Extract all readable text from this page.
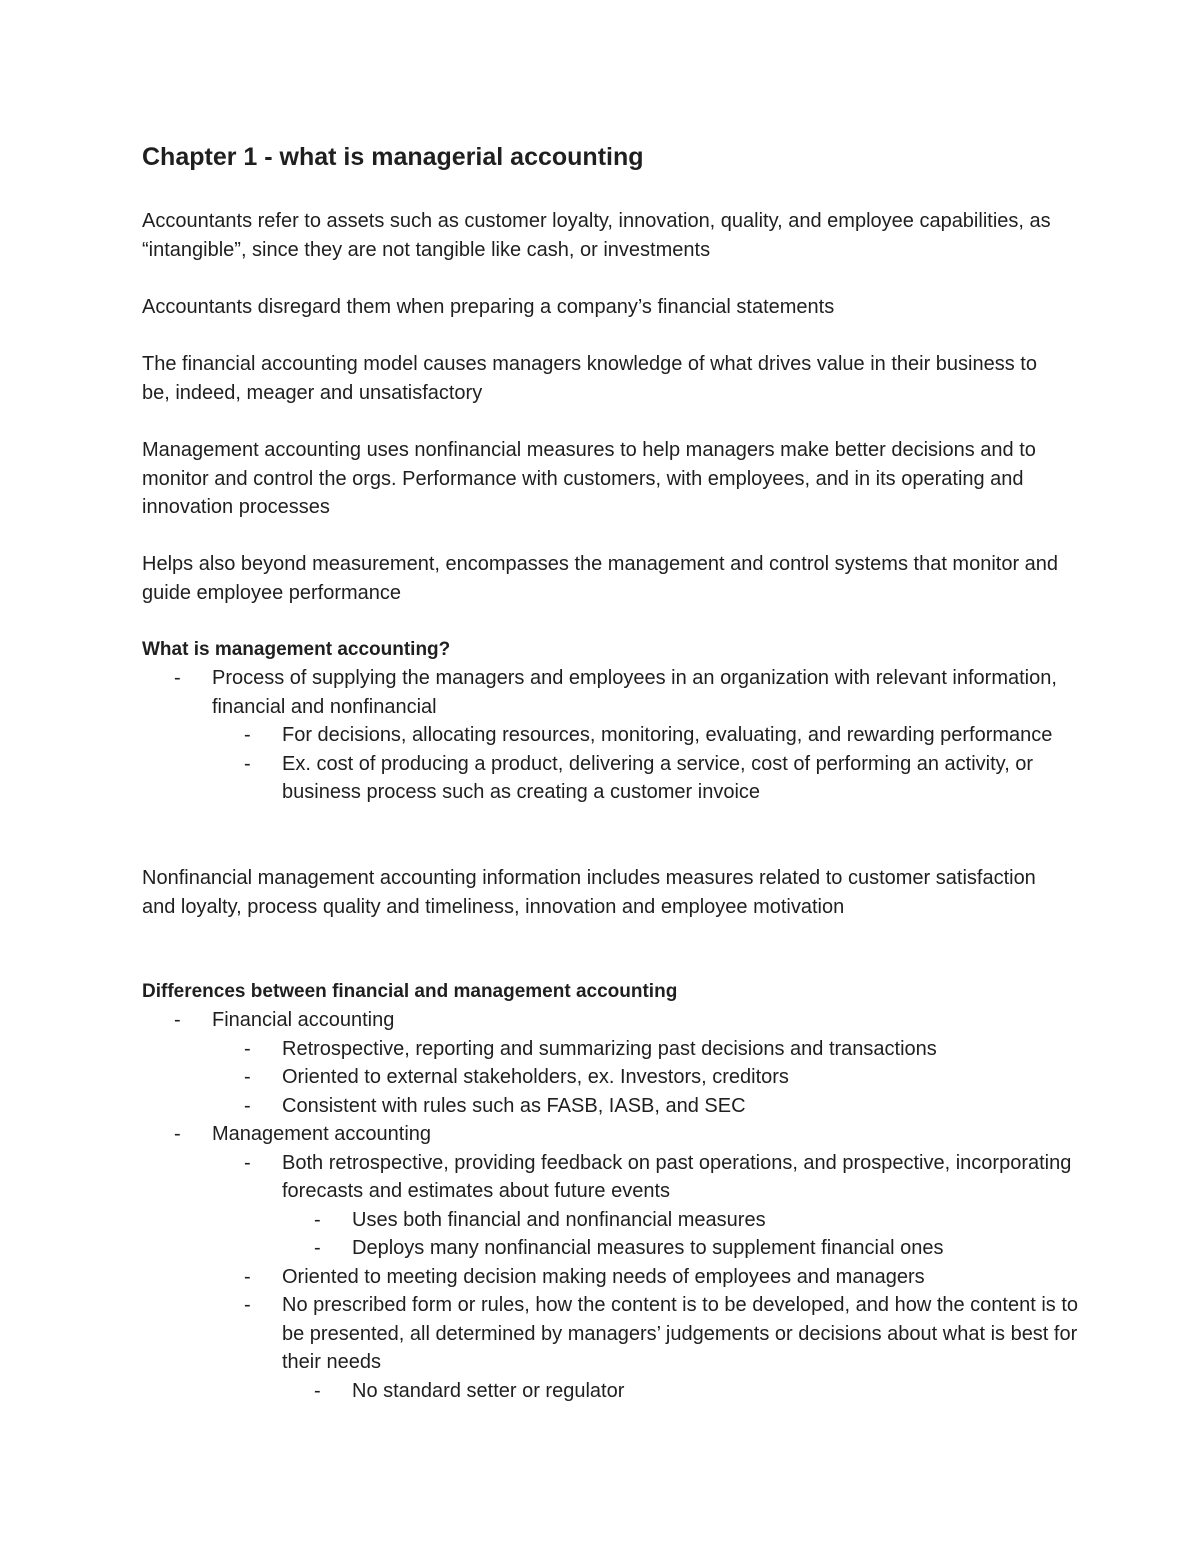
Chapter 1 - what is managerial accounting

Accountants refer to assets such as customer loyalty, innovation, quality, and employee capabilities, as “intangible”, since they are not tangible like cash, or investments

Accountants disregard them when preparing a company’s financial statements

The financial accounting model causes managers knowledge of what drives value in their business to be, indeed, meager and unsatisfactory

Management accounting uses nonfinancial measures to help managers make better decisions and to monitor and control the orgs. Performance with customers, with employees, and in its operating and innovation processes

Helps also beyond measurement, encompasses the management and control systems that monitor and guide employee performance

What is management accounting?
- Process of supplying the managers and employees in an organization with relevant information, financial and nonfinancial
- For decisions, allocating resources, monitoring, evaluating, and rewarding performance
- Ex. cost of producing a product, delivering a service, cost of performing an activity, or business process such as creating a customer invoice

Nonfinancial management accounting information includes measures related to customer satisfaction and loyalty, process quality and timeliness, innovation and employee motivation

Differences between financial and management accounting
- Financial accounting
- Retrospective, reporting and summarizing past decisions and transactions
- Oriented to external stakeholders, ex. Investors, creditors
- Consistent with rules such as FASB, IASB, and SEC
- Management accounting
- Both retrospective, providing feedback on past operations, and prospective, incorporating forecasts and estimates about future events
- Uses both financial and nonfinancial measures
- Deploys many nonfinancial measures to supplement financial ones
- Oriented to meeting decision making needs of employees and managers
- No prescribed form or rules, how the content is to be developed, and how the content is to be presented, all determined by managers’ judgements or decisions about what is best for their needs
- No standard setter or regulator
